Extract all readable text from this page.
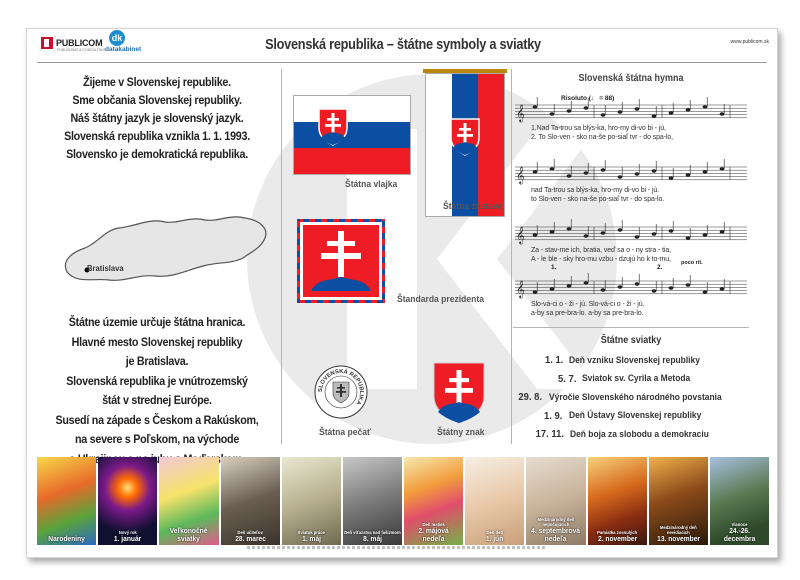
PUBLICOM
PUBLISHING & CONSULTING
dk
datakabinet	Slovenská republika – štátne symboly a sviatky	www.publicom.sk

Žijeme v Slovenskej republike.

Sme občania Slovenskej republiky.

Náš štátny jazyk je slovenský jazyk.

Slovenská republika vznikla 1. 1. 1993.

Slovensko je demokratická republika.

Bratislava

Štátne územie určuje štátna hranica.

Hlavné mesto Slovenskej republiky

je Bratislava.

Slovenská republika je vnútrozemský

štát v strednej Európe.

Susedí na západe s Českom a Rakúskom,

na severe s Poľskom, na východe

Štátna vlajka
Štátna zástava
Štandarda prezidenta
SLOVENSKÁ REPUBLIKA
Štátna pečať	Štátny znak
Slovenská štátna hymna
Risoluto (♩ = 88)
𝄞
𝄞
𝄞
𝄞
1.	2.
poco rit.
1.Nad Ta-trou sa blýs-ka, hro-my di-vo bi - jú,
2. To Slo-ven - sko na-še po-siaľ tvr - do spa-lo,
nad Ta-trou sa blýs-ka, hro-my di-vo bi - jú.
to Slo-ven - sko na-še po-siaľ tvr - do spa-lo.
Za - stav-me ich, bratia, veď sa o - ny stra - tia,
A - le ble - sky hro-mu vzbu - dzujú ho k to-mu,
Slo-vá-ci o - ži - jú. Slo-vá-ci o - ži - jú.
a-by sa pre-bra-lo. a-by sa pre-bra-lo.
Štátne sviatky
1. 1. Deň vzniku Slovenskej republiky
5. 7. Sviatok sv. Cyrila a Metoda
29. 8. Výročie Slovenského národného povstania
1. 9. Deň Ústavy Slovenskej republiky
17. 11. Deň boja za slobodu a demokraciu
Narodeniny
Nový rok
1. január
Veľkonočné sviatky
Deň učiteľov
28. marec
Sviatok práce
1. máj
Deň víťazstva nad fašizmom
8. máj
Deň matiek
2. májová nedeľa
Deň detí
1. jún
Medzinárodný deň nepočujúcich
4. septembrová nedeľa
Pamiatka zosnulých
2. november
Medzinárodný deň nevidiacich
13. november
Vianoce
24.-26. decembra
